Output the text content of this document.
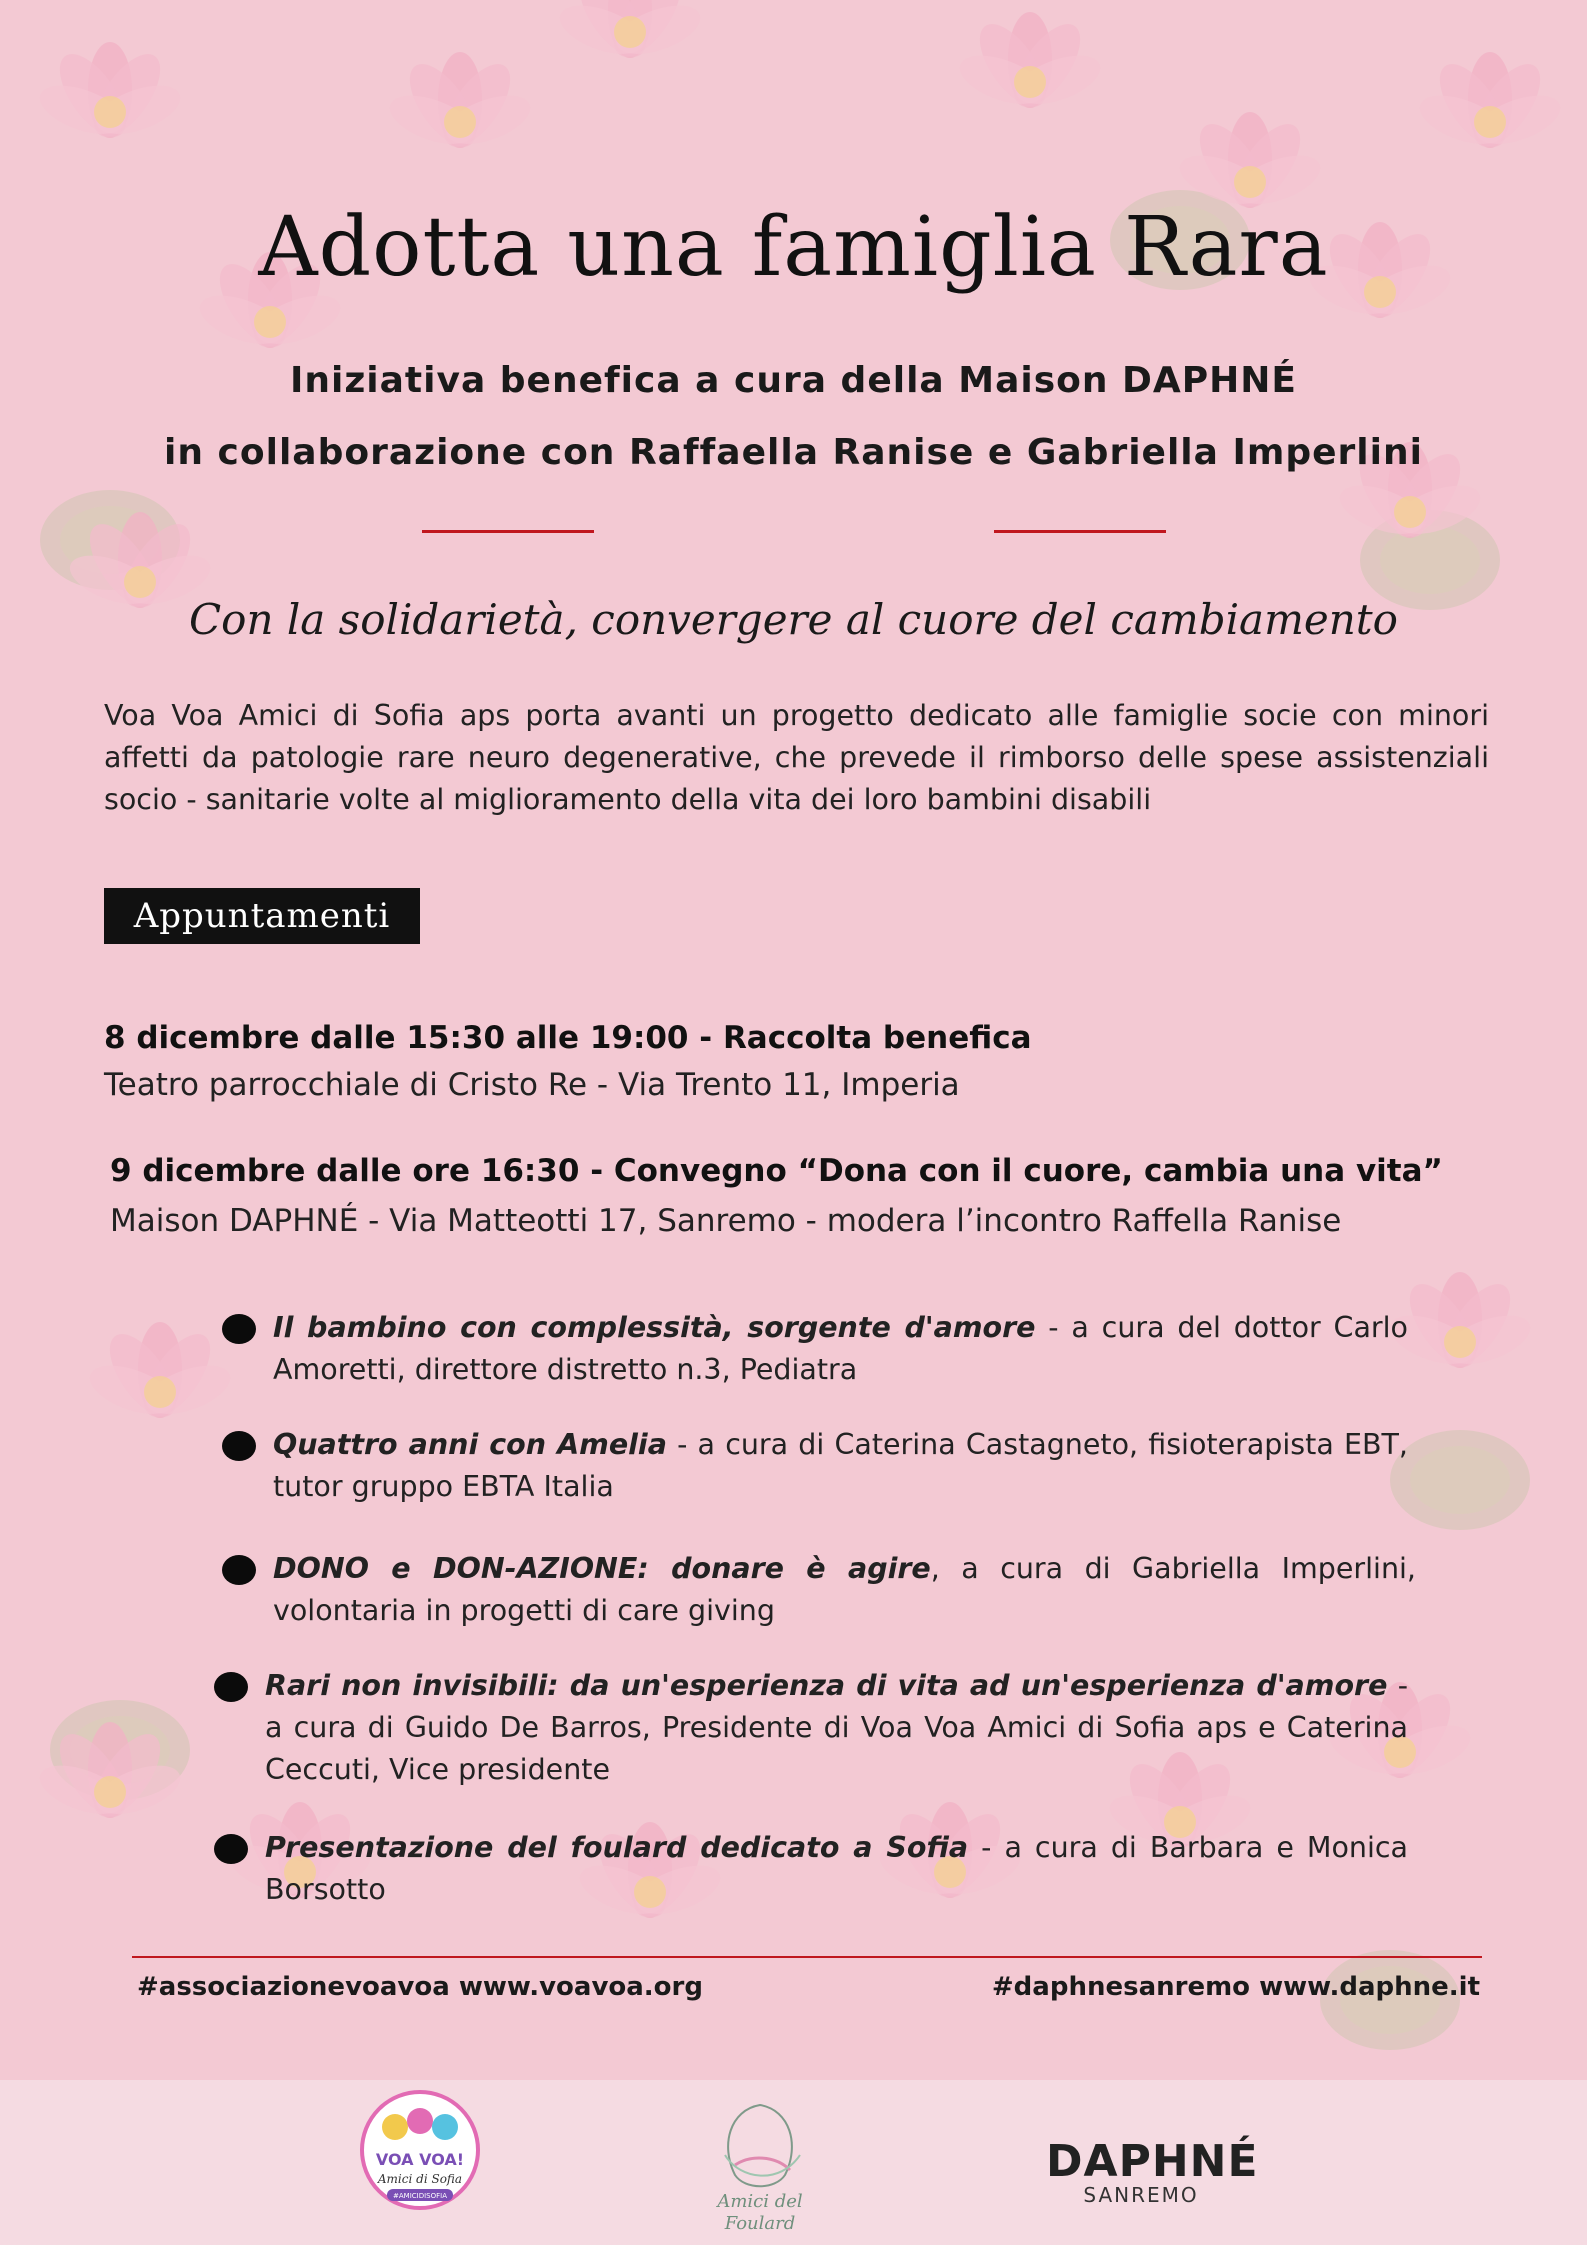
Adotta una famiglia Rara
Iniziativa benefica a cura della Maison DAPHNÉ
in collaborazione con Raffaella Ranise e Gabriella Imperlini
Con la solidarietà, convergere al cuore del cambiamento
Voa Voa Amici di Sofia aps porta avanti un progetto dedicato alle famiglie socie con minori affetti da patologie rare neuro degenerative, che prevede il rimborso delle spese assistenziali socio - sanitarie volte al miglioramento della vita dei loro bambini disabili
Appuntamenti
8 dicembre dalle 15:30 alle 19:00 - Raccolta benefica
Teatro parrocchiale di Cristo Re - Via Trento 11, Imperia
9 dicembre dalle ore 16:30 - Convegno “Dona con il cuore, cambia una vita”
Maison DAPHNÉ - Via Matteotti 17, Sanremo - modera l’incontro Raffella Ranise
Il bambino con complessità, sorgente d'amore - a cura del dottor Carlo Amoretti, direttore distretto n.3, Pediatra
Quattro anni con Amelia - a cura di Caterina Castagneto, fisioterapista EBT, tutor gruppo EBTA Italia
DONO e DON-AZIONE: donare è agire, a cura di Gabriella Imperlini, volontaria in progetti di care giving
Rari non invisibili: da un'esperienza di vita ad un'esperienza d'amore - a cura di Guido De Barros, Presidente di Voa Voa Amici di Sofia aps e Caterina Ceccuti, Vice presidente
Presentazione del foulard dedicato a Sofia - a cura di Barbara e Monica Borsotto
#associazionevoavoa www.voavoa.org	#daphnesanremo www.daphne.it
VOA VOA!
Amici di Sofia
#AMICIDISOFIA	Amici del
Foulard
DAPHNÉ
SANREMO
